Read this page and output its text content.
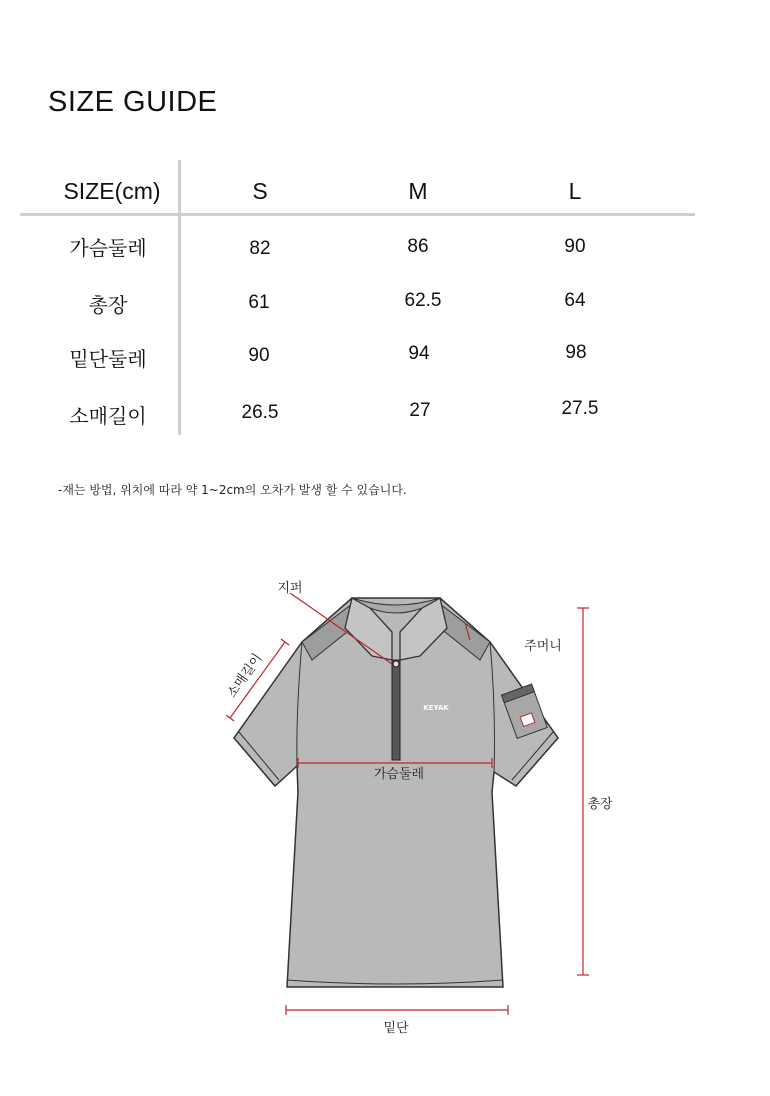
SIZE GUIDE
SIZE(cm)	S	M	L
가슴둘레	82	86	90
총장	61	62.5	64
밑단둘레	90	94	98
소매길이	26.5	27	27.5
-재는 방법, 위치에 따라 약 1~2cm의 오차가 발생 할 수 있습니다.
KEYAK
지퍼
주머니
소매길이
가슴둘레
총장
밑단
